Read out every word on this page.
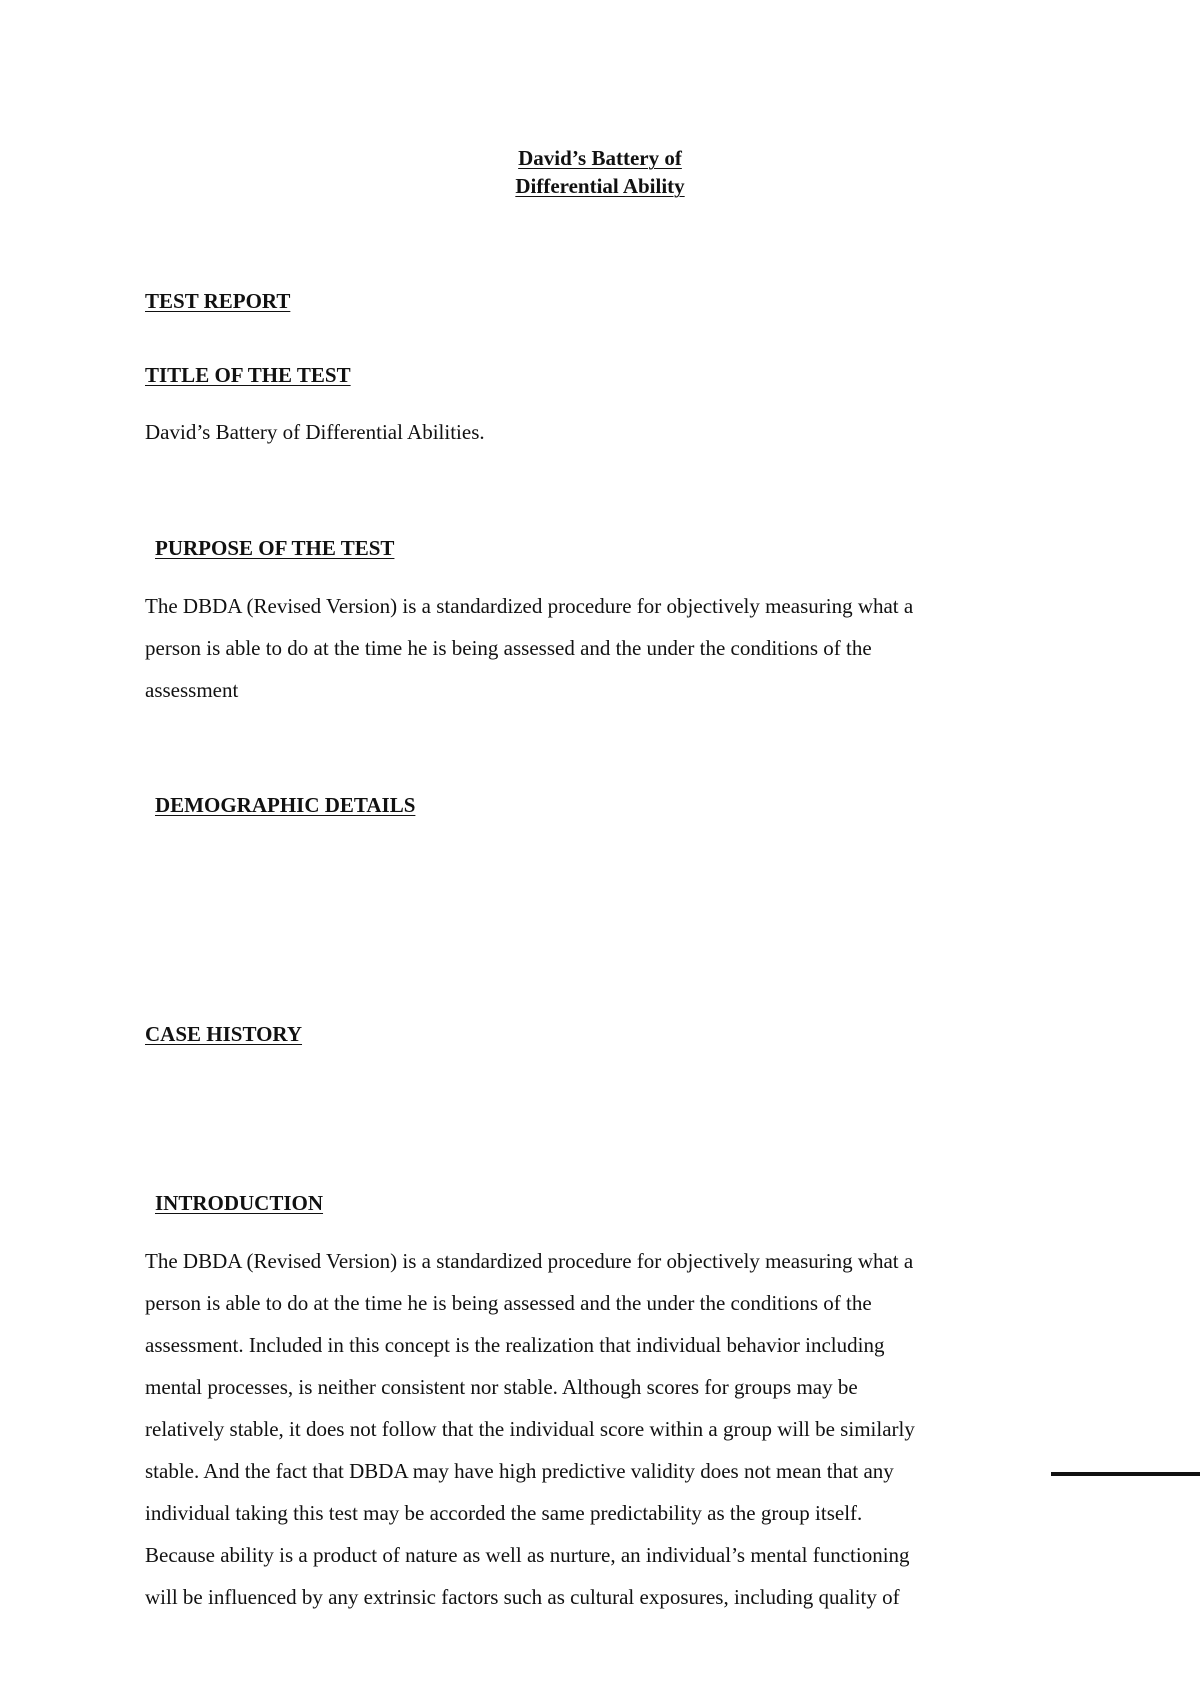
David’s Battery of
Differential Ability
TEST REPORT
TITLE OF THE TEST
David’s Battery of Differential Abilities.
PURPOSE OF THE TEST
The DBDA (Revised Version) is a standardized procedure for objectively measuring what a
person is able to do at the time he is being assessed and the under the conditions of the
assessment
DEMOGRAPHIC DETAILS
CASE HISTORY
INTRODUCTION
The DBDA (Revised Version) is a standardized procedure for objectively measuring what a
person is able to do at the time he is being assessed and the under the conditions of the
assessment. Included in this concept is the realization that individual behavior including
mental processes, is neither consistent nor stable. Although scores for groups may be
relatively stable, it does not follow that the individual score within a group will be similarly
stable. And the fact that DBDA may have high predictive validity does not mean that any
individual taking this test may be accorded the same predictability as the group itself.
Because ability is a product of nature as well as nurture, an individual’s mental functioning
will be influenced by any extrinsic factors such as cultural exposures, including quality of
